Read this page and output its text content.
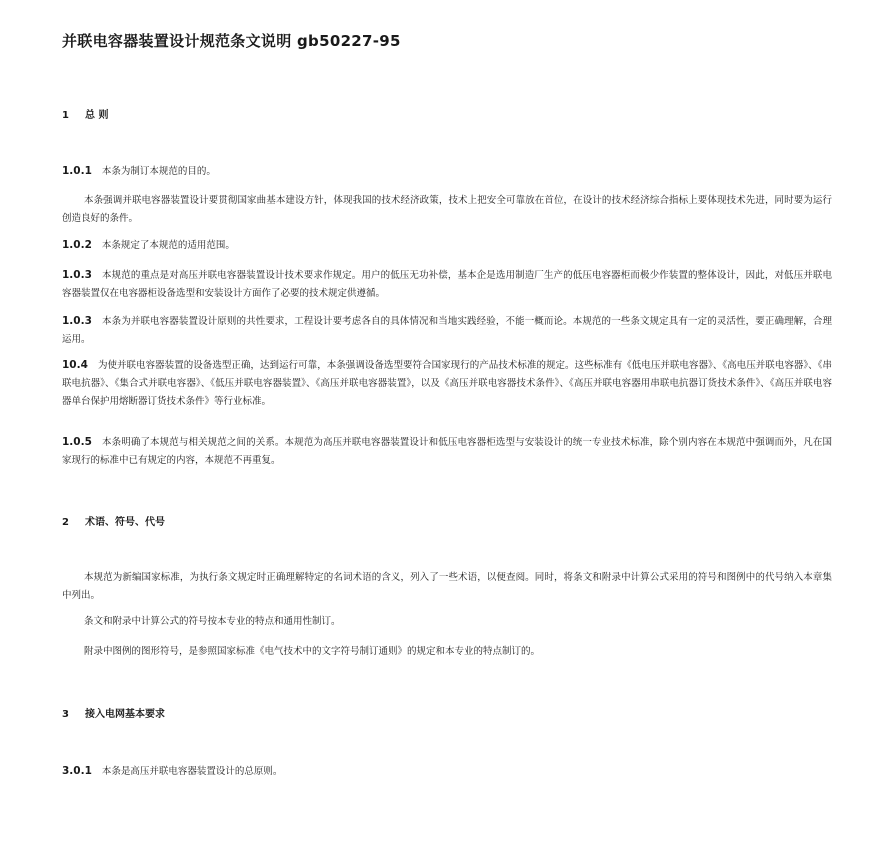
并联电容器装置设计规范条文说明 gb50227-95
1 总 则
1.0.1 本条为制订本规范的目的。
本条强调并联电容器装置设计要贯彻国家曲基本建设方针，体现我国的技术经济政策，技术上把安全可靠放在首位，在设计的技术经济综合指标上要体现技术先进，同时要为运行创造良好的条件。
1.0.2 本条规定了本规范的适用范围。
1.0.3 本规范的重点是对高压并联电容器装置设计技术要求作规定。用户的低压无功补偿，基本企是选用制造厂生产的低压电容器柜而极少作装置的整体设计，因此，对低压并联电容器装置仅在电容器柜设备选型和安装设计方面作了必要的技术规定供遵循。
1.0.3 本条为并联电容器装置设计原则的共性要求，工程设计要考虑各自的具体情况和当地实践经验，不能一概而论。本规范的一些条文规定具有一定的灵活性，要正确理解，合理运用。
10.4 为使并联电容器装置的设备选型正确，达到运行可靠，本条强调设备选型要符合国家现行的产品技术标准的规定。这些标准有《低电压并联电容器》、《高电压并联电容器》、《串联电抗器》、《集合式并联电容器》、《低压并联电容器装置》、《高压并联电容器装置》，以及《高压并联电容器技术条件》、《高压并联电容器用串联电抗器订货技术条件》、《高压并联电容器单台保护用熔断器订货技术条件》等行业标准。
1.0.5 本条明确了本规范与相关规范之间的关系。本规范为高压并联电容器装置设计和低压电容器柜选型与安装设计的统一专业技术标准，除个别内容在本规范中强调而外，凡在国家现行的标准中已有规定的内容，本规范不再重复。
2 术语、符号、代号
本规范为新编国家标准，为执行条文规定时正确理解特定的名词术语的含义，列入了一些术语，以便查阅。同时，将条文和附录中计算公式采用的符号和图例中的代号纳入本章集中列出。
条文和附录中计算公式的符号按本专业的特点和通用性制订。
附录中图例的图形符号，是参照国家标准《电气技术中的文字符号制订通则》的规定和本专业的特点制订的。
3 接入电网基本要求
3.0.1 本条是高压并联电容器装置设计的总原则。
